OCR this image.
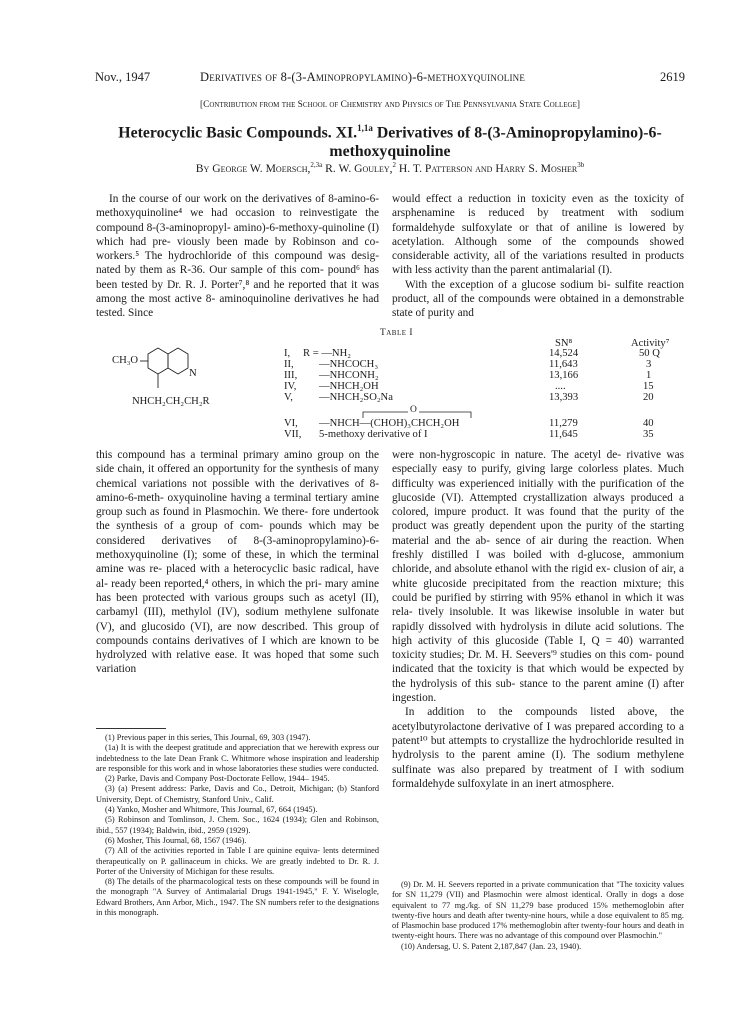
Nov., 1947	Derivatives of 8-(3-Aminopropylamino)-6-methoxyquinoline	2619
[Contribution from the School of Chemistry and Physics of The Pennsylvania State College]
Heterocyclic Basic Compounds. XI.$^{1,1a}$ Derivatives of 8-(3-Aminopropylamino)-6-
methoxyquinoline
By George W. Moersch,$^{2,3a}$ R. W. Gouley,$^2$ H. T. Patterson and Harry S. Mosher$^{3b}$

In the course of our work on the derivatives of 8-amino-6-methoxyquinoline⁴ we had occasion to reinvestigate the compound 8-(3-aminopropyl- amino)-6-methoxy-quinoline (I) which had pre- viously been made by Robinson and co-workers.⁵ The hydrochloride of this compound was desig- nated by them as R-36. Our sample of this com- pound⁶ has been tested by Dr. R. J. Porter⁷,⁸ and he reported that it was among the most active 8- aminoquinoline derivatives he had tested. Since

would effect a reduction in toxicity even as the toxicity of arsphenamine is reduced by treatment with sodium formaldehyde sulfoxylate or that of aniline is lowered by acetylation. Although some of the compounds showed considerable activity, all of the variations resulted in products with less activity than the parent antimalarial (I).

With the exception of a glucose sodium bi- sulfite reaction product, all of the compounds were obtained in a demonstrable state of purity and

Table I
CH₃O
N
NHCH₂CH₂CH₂R
SN⁸	Activity⁷
I, R = —NH₂	14,524	50 Q
II, —NHCOCH₃	11,643	3
III, —NHCONH₂	13,166	1
IV, —NHCH₂OH	....	15
V, —NHCH₂SO₂Na	13,393	20
O
VI, —NHCH—(CHOH)₃CHCH₂OH	11,279	40
VII, 5-methoxy derivative of I	11,645	35

this compound has a terminal primary amino group on the side chain, it offered an opportunity for the synthesis of many chemical variations not possible with the derivatives of 8-amino-6-meth- oxyquinoline having a terminal tertiary amine group such as found in Plasmochin. We there- fore undertook the synthesis of a group of com- pounds which may be considered derivatives of 8-(3-aminopropylamino)-6-methoxyquinoline (I); some of these, in which the terminal amine was re- placed with a heterocyclic basic radical, have al- ready been reported,⁴ others, in which the pri- mary amine has been protected with various groups such as acetyl (II), carbamyl (III), methylol (IV), sodium methylene sulfonate (V), and glucosido (VI), are now described. This group of compounds contains derivatives of I which are known to be hydrolyzed with relative ease. It was hoped that some such variation

(1) Previous paper in this series, This Journal, 69, 303 (1947).

(1a) It is with the deepest gratitude and appreciation that we herewith express our indebtedness to the late Dean Frank C. Whitmore whose inspiration and leadership are responsible for this work and in whose laboratories these studies were conducted.

(2) Parke, Davis and Company Post-Doctorate Fellow, 1944– 1945.

(3) (a) Present address: Parke, Davis and Co., Detroit, Michigan; (b) Stanford University, Dept. of Chemistry, Stanford Univ., Calif.

(4) Yanko, Mosher and Whitmore, This Journal, 67, 664 (1945).

(5) Robinson and Tomlinson, J. Chem. Soc., 1624 (1934); Glen and Robinson, ibid., 557 (1934); Baldwin, ibid., 2959 (1929).

(6) Mosher, This Journal, 68, 1567 (1946).

(7) All of the activities reported in Table I are quinine equiva- lents determined therapeutically on P. gallinaceum in chicks. We are greatly indebted to Dr. R. J. Porter of the University of Michigan for these results.

(8) The details of the pharmacological tests on these compounds will be found in the monograph "A Survey of Antimalarial Drugs 1941-1945," F. Y. Wiselogle, Edward Brothers, Ann Arbor, Mich., 1947. The SN numbers refer to the designations in this monograph.

were non-hygroscopic in nature. The acetyl de- rivative was especially easy to purify, giving large colorless plates. Much difficulty was experienced initially with the purification of the glucoside (VI). Attempted crystallization always produced a colored, impure product. It was found that the purity of the product was greatly dependent upon the purity of the starting material and the ab- sence of air during the reaction. When freshly distilled I was boiled with d-glucose, ammonium chloride, and absolute ethanol with the rigid ex- clusion of air, a white glucoside precipitated from the reaction mixture; this could be purified by stirring with 95% ethanol in which it was rela- tively insoluble. It was likewise insoluble in water but rapidly dissolved with hydrolysis in dilute acid solutions. The high activity of this glucoside (Table I, Q = 40) warranted toxicity studies; Dr. M. H. Seevers'⁹ studies on this com- pound indicated that the toxicity is that which would be expected by the hydrolysis of this sub- stance to the parent amine (I) after ingestion.

In addition to the compounds listed above, the acetylbutyrolactone derivative of I was prepared according to a patent¹⁰ but attempts to crystallize the hydrochloride resulted in hydrolysis to the parent amine (I). The sodium methylene sulfinate was also prepared by treatment of I with sodium formaldehyde sulfoxylate in an inert atmosphere.

(9) Dr. M. H. Seevers reported in a private communication that "The toxicity values for SN 11,279 (VII) and Plasmochin were almost identical. Orally in dogs a dose equivalent to 77 mg./kg. of SN 11,279 base produced 15% methemoglobin after twenty-five hours and death after twenty-nine hours, while a dose equivalent to 85 mg. of Plasmochin base produced 17% methemoglobin after twenty-four hours and death in twenty-eight hours. There was no advantage of this compound over Plasmochin."

(10) Andersag, U. S. Patent 2,187,847 (Jan. 23, 1940).
